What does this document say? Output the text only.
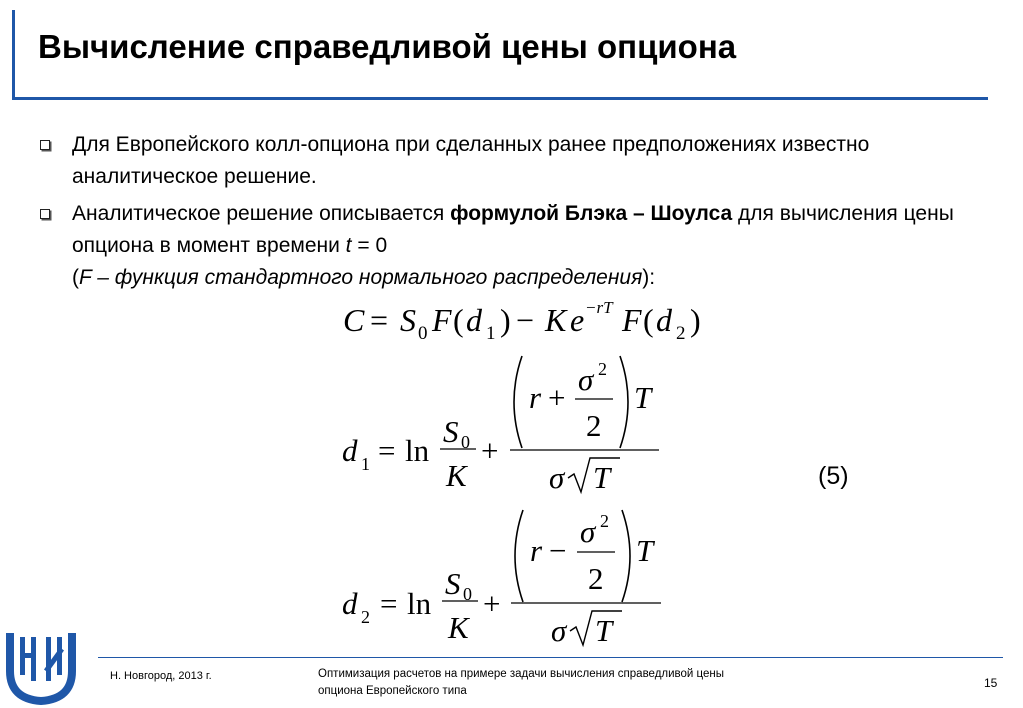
Вычисление справедливой цены опциона
Для Европейского колл-опциона при сделанных ранее предположениях известно аналитическое решение.
Аналитическое решение описывается формулой Блэка – Шоулса для вычисления цены опциона в момент времени t = 0
(F – функция стандартного нормального распределения):
C = S 0 F ( d 1 ) − K e −rT F ( d 2 )
d 1 = ln
S 0
K
+
r +
σ 2
2
T
σ T
d 2 = ln
S 0
K
+
r −
σ 2
2
T
σ T
(5)
Н. Новгород, 2013 г.	Оптимизация расчетов на примере задачи вычисления справедливой цены
опциона Европейского типа
15
